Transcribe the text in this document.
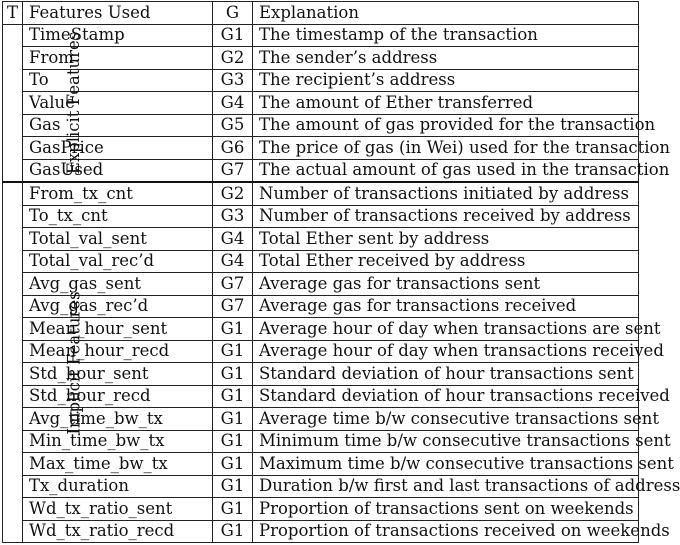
T	Features Used	G	Explanation
Explicit Features	TimeStamp	G1	The timestamp of the transaction
	From	G2	The sender’s address
	To	G3	The recipient’s address
	Value	G4	The amount of Ether transferred
	Gas	G5	The amount of gas provided for the transaction
	GasPrice	G6	The price of gas (in Wei) used for the transaction
	GasUsed	G7	The actual amount of gas used in the transaction
Implicit Features	From_tx_cnt	G2	Number of transactions initiated by address
	To_tx_cnt	G3	Number of transactions received by address
	Total_val_sent	G4	Total Ether sent by address
	Total_val_rec’d	G4	Total Ether received by address
	Avg_gas_sent	G7	Average gas for transactions sent
	Avg_gas_rec’d	G7	Average gas for transactions received
	Mean_hour_sent	G1	Average hour of day when transactions are sent
	Mean_hour_recd	G1	Average hour of day when transactions received
	Std_hour_sent	G1	Standard deviation of hour transactions sent
	Std_hour_recd	G1	Standard deviation of hour transactions received
	Avg_time_bw_tx	G1	Average time b/w consecutive transactions sent
	Min_time_bw_tx	G1	Minimum time b/w consecutive transactions sent
	Max_time_bw_tx	G1	Maximum time b/w consecutive transactions sent
	Tx_duration	G1	Duration b/w first and last transactions of address
	Wd_tx_ratio_sent	G1	Proportion of transactions sent on weekends
	Wd_tx_ratio_recd	G1	Proportion of transactions received on weekends
